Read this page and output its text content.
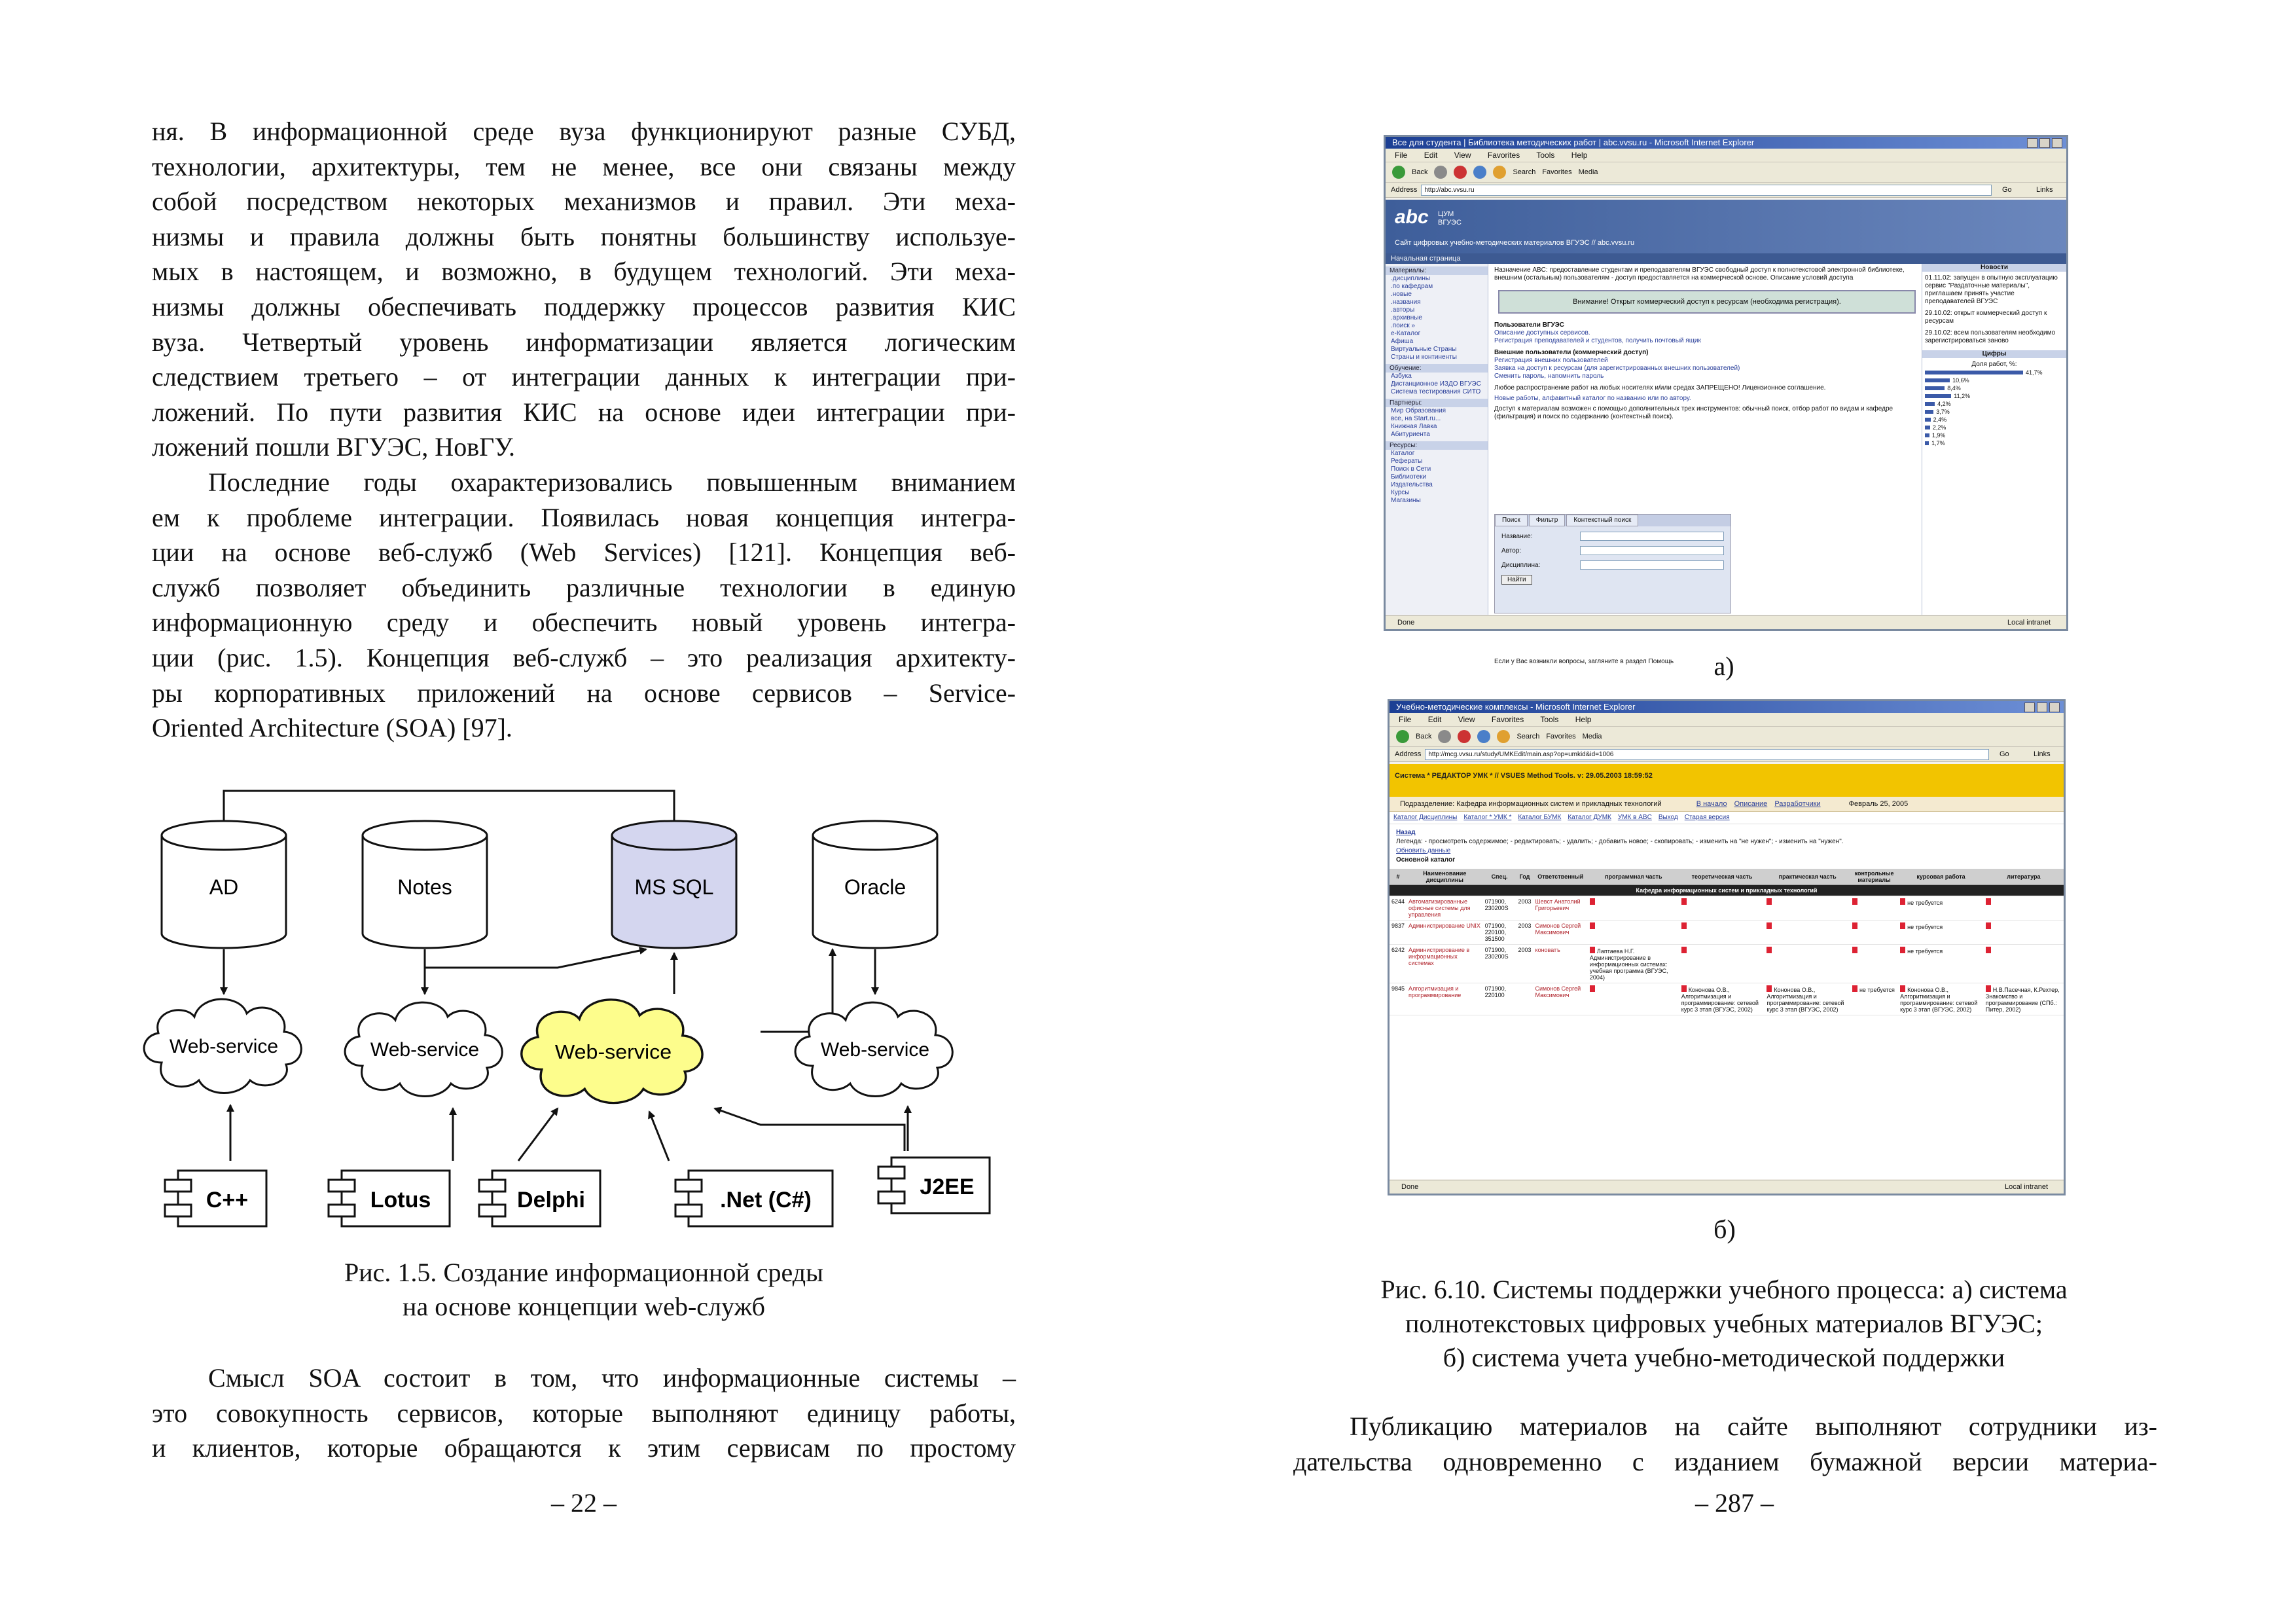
ня. В информационной среде вуза функционируют разные СУБД,
технологии, архитектуры, тем не менее, все они связаны между
собой посредством некоторых механизмов и правил. Эти меха-
низмы и правила должны быть понятны большинству используе-
мых в настоящем, и возможно, в будущем технологий. Эти меха-
низмы должны обеспечивать поддержку процессов развития КИС
вуза. Четвертый уровень информатизации является логическим
следствием третьего – от интеграции данных к интеграции при-
ложений. По пути развития КИС на основе идеи интеграции при-
ложений пошли ВГУЭС, НовГУ.

Последние годы охарактеризовались повышенным вниманием
ем к проблеме интеграции. Появилась новая концепция интегра-
ции на основе веб-служб (Web Services) [121]. Концепция веб-
служб позволяет объединить различные технологии в единую
информационную среду и обеспечить новый уровень интегра-
ции (рис. 1.5). Концепция веб-служб – это реализация архитекту-
ры корпоративных приложений на основе сервисов – Service-
Oriented Architecture (SOA) [97].

AD	Notes	MS SQL	Oracle
Web-service	Web-service	Web-service	Web-service
C++	Lotus	Delphi	.Net (C#)
J2EE
Рис. 1.5. Создание информационной среды
на основе концепции web-служб

Смысл SOA состоит в том, что информационные системы –
это совокупность сервисов, которые выполняют единицу работы,
и клиентов, которые обращаются к этим сервисам по простому

– 22 –
Все для студента | Библиотека методических работ | abc.vvsu.ru - Microsoft Internet Explorer
File Edit View Favorites Tools Help
Back	Search Favorites Media
Address	http://abc.vvsu.ru	Go	Links
abc ЦУМ
ВГУЭС
Сайт цифровых учебно-методических материалов ВГУЭС // abc.vvsu.ru
Начальная страница
Материалы:
.дисциплины
.по кафедрам
.новые
.названия
.авторы
.архивные
.поиск »
e-Каталог
Афиша
Виртуальные Страны
Страны и континенты
Обучение:
Азбука
Дистанционное ИЗДО ВГУЭС
Система тестирования СИТО
Партнеры:
Мир Образования
все, на Start.ru...
Книжная Лавка
Абитуриента
Ресурсы:
Каталог
Рефераты
Поиск в Сети
Библиотеки
Издательства
Курсы
Магазины
Назначение ABC: предоставление студентам и преподавателям ВГУЭС свободный доступ к полнотекстовой электронной библиотеке, внешним (остальным) пользователям - доступ предоставляется на коммерческой основе. Описание условий доступа
Внимание! Открыт коммерческий доступ к ресурсам (необходима регистрация).
Пользователи ВГУЭС
Описание доступных сервисов.
Регистрация преподавателей и студентов, получить почтовый ящик
Внешние пользователи (коммерческий доступ)
Регистрация внешних пользователей
Заявка на доступ к ресурсам (для зарегистрированных внешних пользователей)
Сменить пароль, напомнить пароль
Любое распространение работ на любых носителях и/или средах ЗАПРЕЩЕНО! Лицензионное соглашение.
Новые работы, алфавитный каталог по названию или по автору.
Доступ к материалам возможен с помощью дополнительных трех инструментов: обычный поиск, отбор работ по видам и кафедре (фильтрация) и поиск по содержанию (контекстный поиск).
Поиск	Фильтр	Контекстный поиск
Название:
Автор:
Дисциплина:
Найти
Если у Вас возникли вопросы, загляните в раздел Помощь
Новости
01.11.02: запущен в опытную эксплуатацию сервис "Раздаточные материалы", приглашаем принять участие преподавателей ВГУЭС
29.10.02: открыт коммерческий доступ к ресурсам
29.10.02: всем пользователям необходимо зарегистрироваться заново
Цифры
Доля работ, %:
41,7%
10,6%
8,4%
11,2%
4,2%
3,7%
2,4%
2,2%
1,9%
1,7%
Done	Local intranet
а)
Учебно-методические комплексы - Microsoft Internet Explorer
File Edit View Favorites Tools Help
Back	Search Favorites Media
Address	http://mcg.vvsu.ru/study/UMKEdit/main.asp?op=umkid&id=1006	Go	Links
Система * РЕДАКТОР УМК * // VSUES Method Tools. v: 29.05.2003 18:59:52
Подразделение: Кафедра информационных систем и прикладных технологий	В начало Описание Разработчики	Февраль 25, 2005
Каталог Дисциплины Каталог * УМК * Каталог БУМК Каталог ДУМК УМК в ABC Выход Старая версия
Назад
Легенда: - просмотреть содержимое; - редактировать; - удалить; - добавить новое; - скопировать; - изменить на "не нужен"; - изменить на "нужен".
Обновить данные
Основной каталог
#	Наименование дисциплины	Спец.	Год	Ответственный	программная часть	теоретическая часть	практическая часть	контрольные материалы	курсовая работа	литература
Кафедра информационных систем и прикладных технологий										
6244	Автоматизированные офисные системы для управления	071900, 230200S	2003	Шевст Анатолий Григорьевич					не требуется	
9837	Администрирование UNIX	071900, 220100, 351500	2003	Симонов Сергей Максимович					не требуется	
6242	Администрирование в информационных системах	071900, 230200S	2003	коноватъ	Лаптаева Н.Г. Администрирование в информационных системах: учебная программа (ВГУЭС, 2004)				не требуется	
9845	Алгоритмизация и программирование	071900, 220100		Симонов Сергей Максимович		Кононова О.В., Алгоритмизация и программирование: сетевой курс 3 этап (ВГУЭС, 2002)	Кононова О.В., Алгоритмизация и программирование: сетевой курс 3 этап (ВГУЭС, 2002)	не требуется	Кононова О.В., Алгоритмизация и программирование: сетевой курс 3 этап (ВГУЭС, 2002)	Н.В.Пасечная, К.Рехтер, Знакомство и программирование (СПб.: Питер, 2002)
Done	Local intranet
б)
Рис. 6.10. Системы поддержки учебного процесса: а) система
полнотекстовых цифровых учебных материалов ВГУЭС;
б) система учета учебно-методической поддержки

Публикацию материалов на сайте выполняют сотрудники из-
дательства одновременно с изданием бумажной версии материа-

– 287 –
